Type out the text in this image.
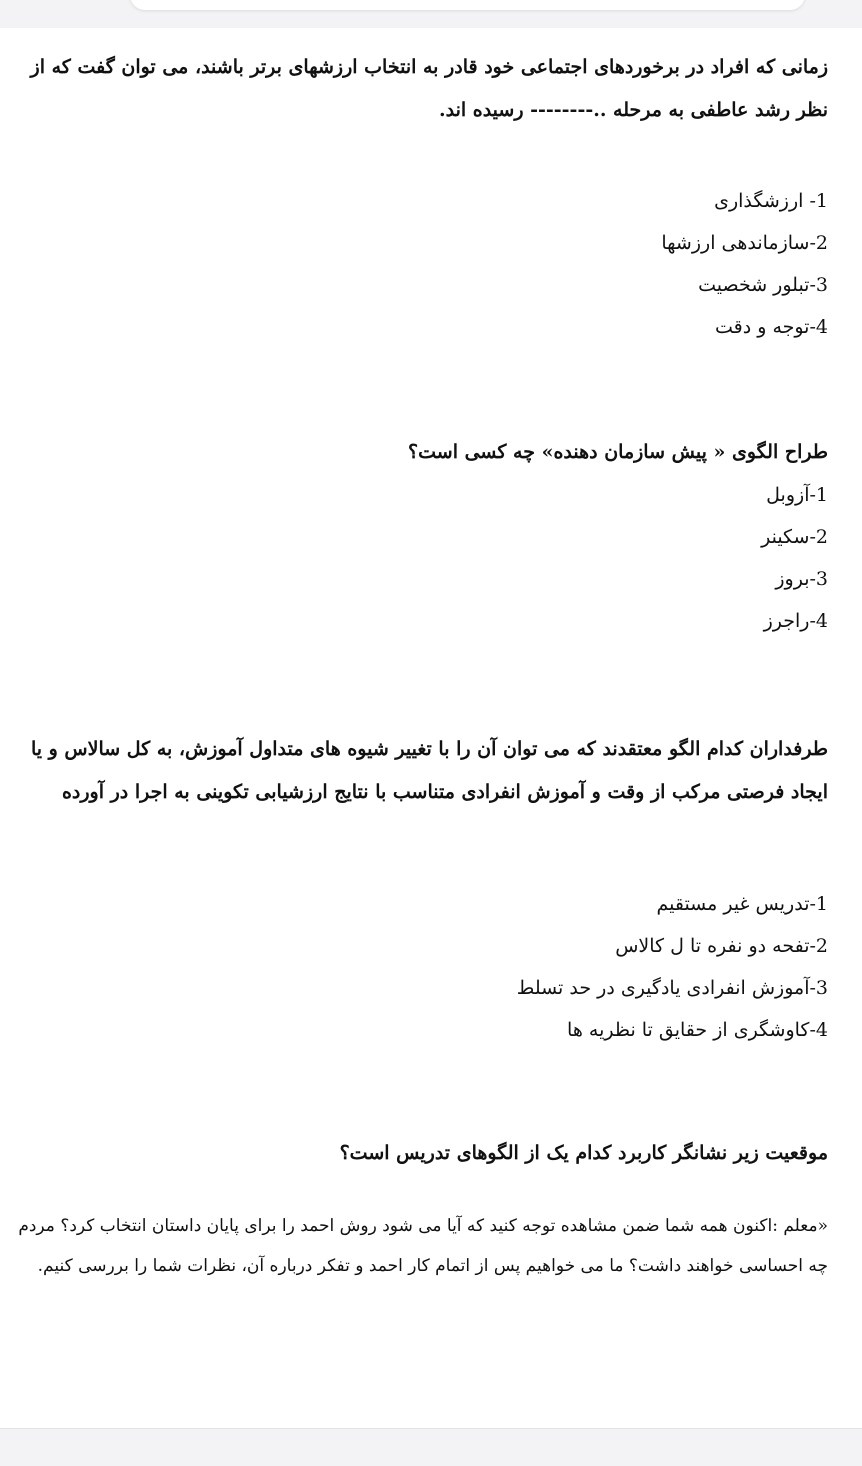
زمانی که افراد در برخوردهای اجتماعی خود قادر به انتخاب ارزشهای برتر باشند، می توان گفت که از نظر رشد عاطفی به مرحله ..-------- رسیده اند.

1- ارزشگذاری
2-سازماندهی ارزشها
3-تبلور شخصیت
4-توجه و دقت

طراح الگوی « پیش سازمان دهنده» چه کسی است؟

1-آزوبل
2-سکینر
3-بروز
4-راجرز

طرفداران کدام الگو معتقدند که می توان آن را با تغییر شیوه های متداول آموزش، به کل سالاس و یا ایجاد فرصتی مرکب از وقت و آموزش انفرادی متناسب با نتایج ارزشیابی تکوینی به اجرا در آورده

1-تدریس غیر مستقیم
2-تفحه دو نفره تا ل کالاس
3-آموزش انفرادی یادگیری در حد تسلط
4-کاوشگری از حقایق تا نظریه ها

موقعیت زیر نشانگر کاربرد کدام یک از الگوهای تدریس است؟

«معلم :اکنون همه شما ضمن مشاهده توجه کنید که آیا می شود روش احمد را برای پایان داستان انتخاب کرد؟ مردم چه احساسی خواهند داشت؟ ما می خواهیم پس از اتمام کار احمد و تفکر درباره آن، نظرات شما را بررسی کنیم.
